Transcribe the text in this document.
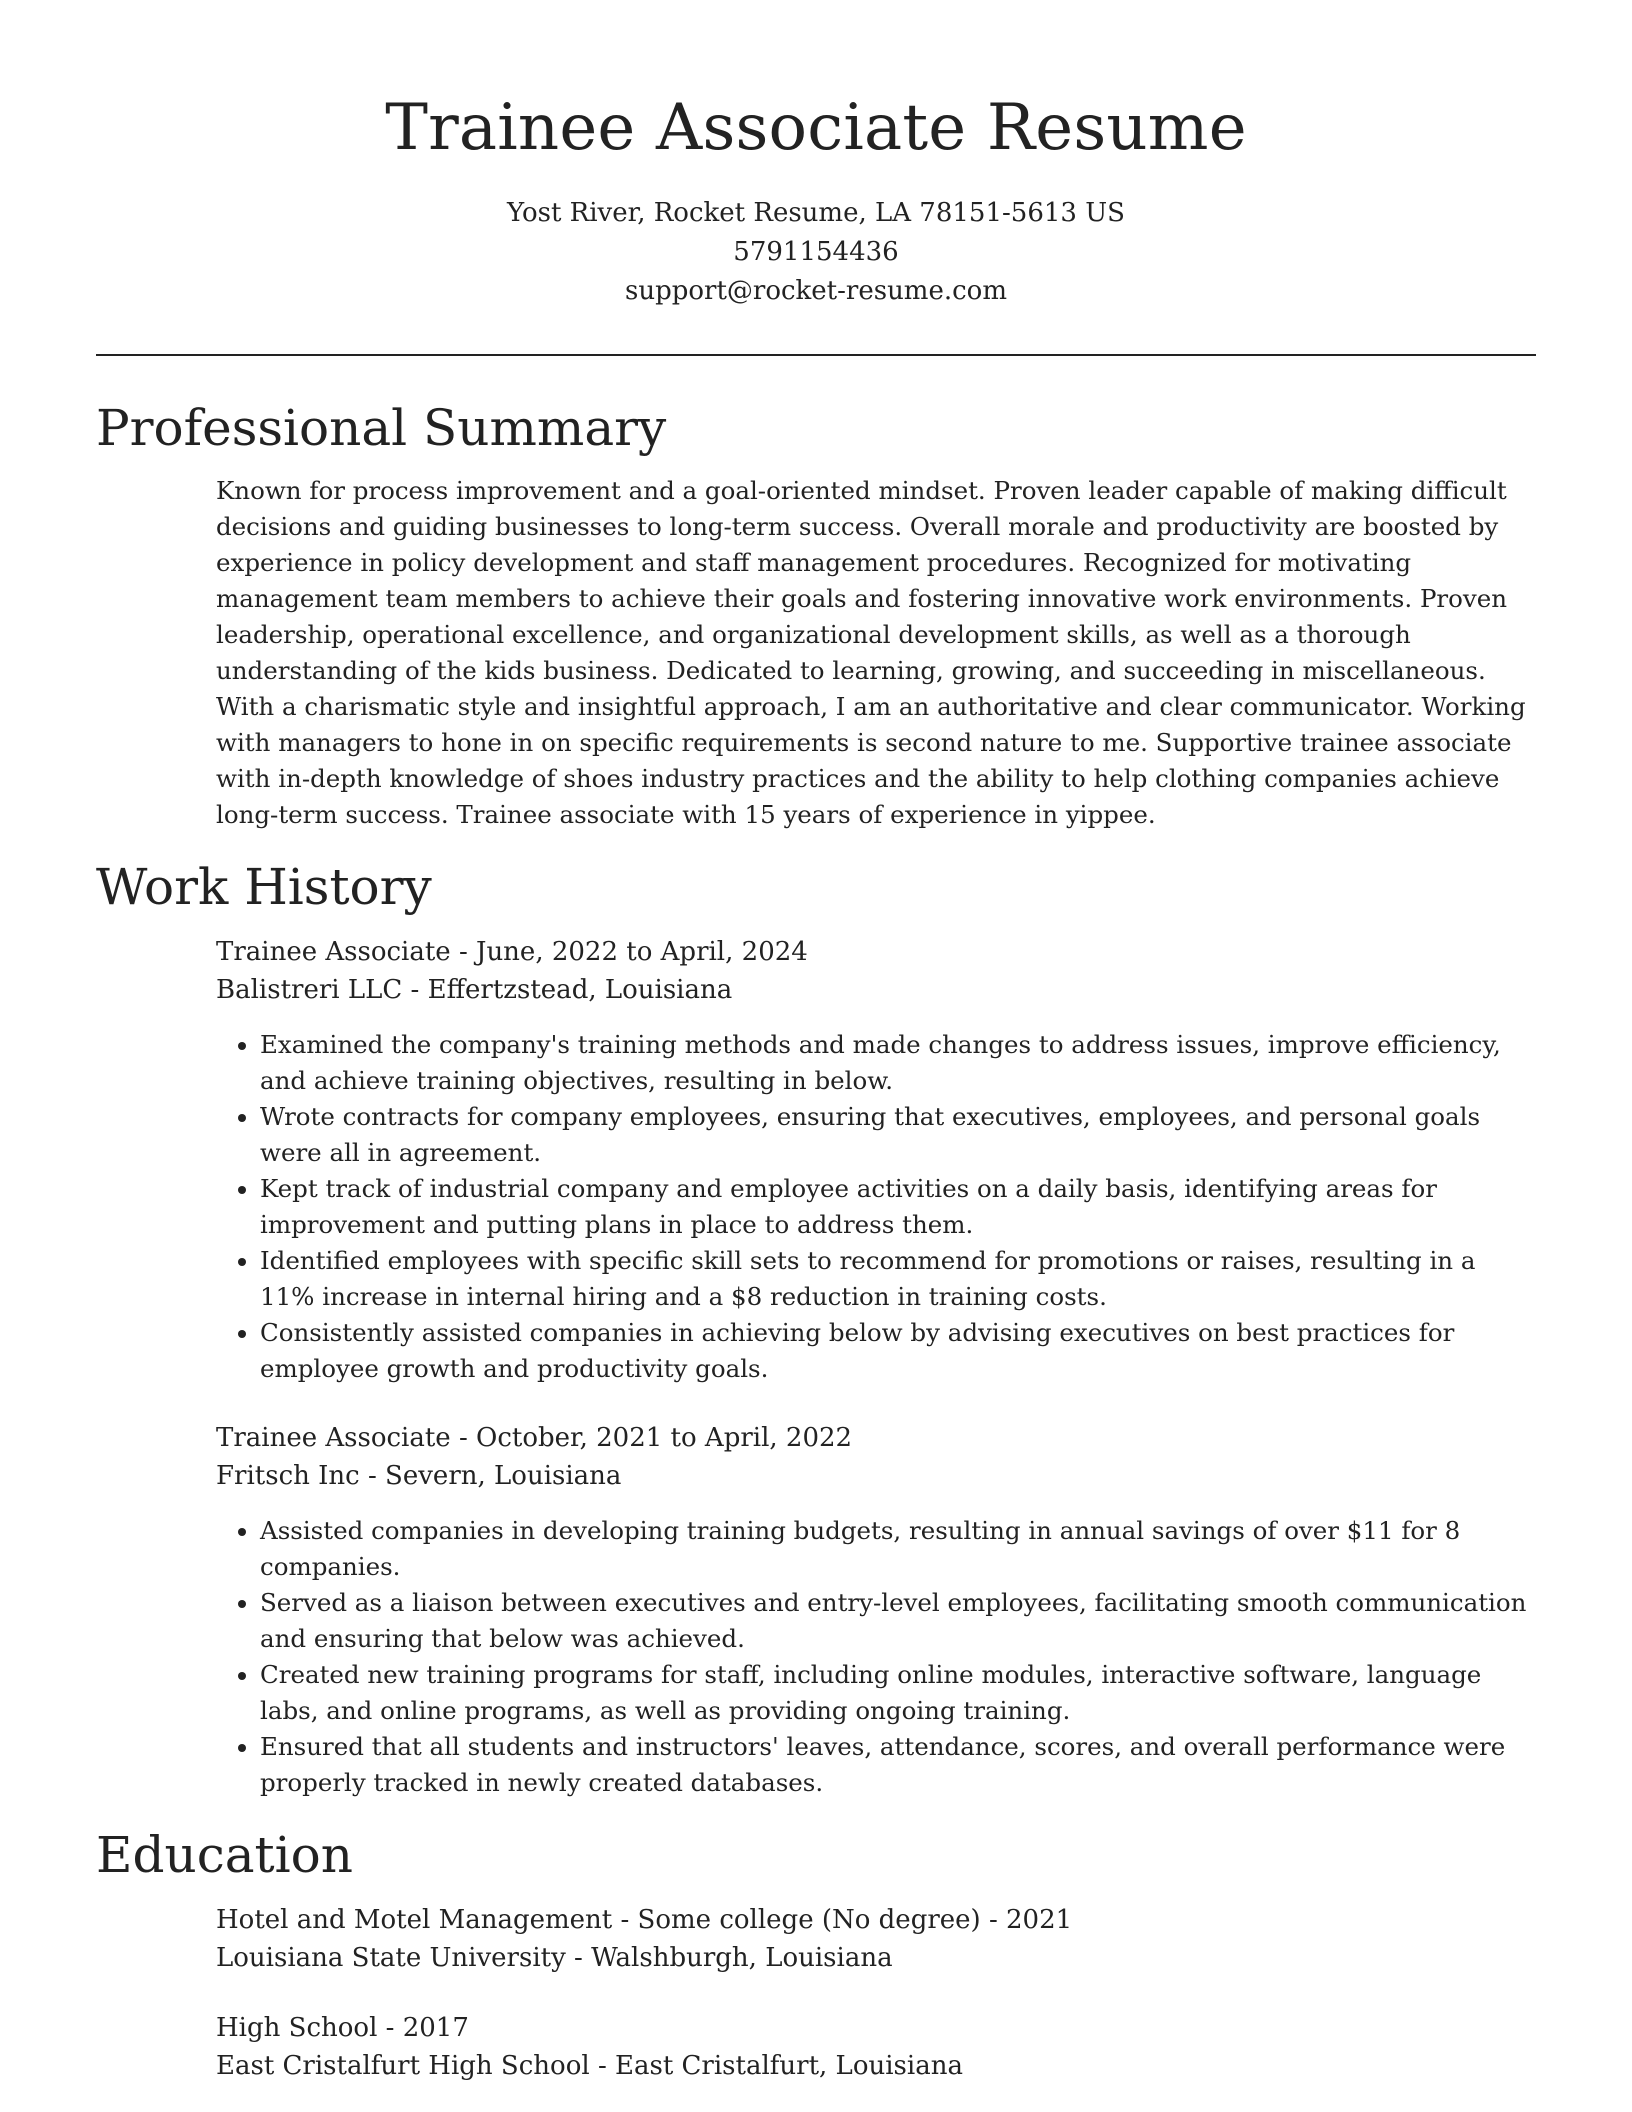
Trainee Associate Resume
Yost River, Rocket Resume, LA 78151-5613 US
5791154436
support@rocket-resume.com
Professional Summary

Known for process improvement and a goal-oriented mindset. Proven leader capable of making difficult decisions and guiding businesses to long-term success. Overall morale and productivity are boosted by experience in policy development and staff management procedures. Recognized for motivating management team members to achieve their goals and fostering innovative work environments. Proven leadership, operational excellence, and organizational development skills, as well as a thorough understanding of the kids business. Dedicated to learning, growing, and succeeding in miscellaneous. With a charismatic style and insightful approach, I am an authoritative and clear communicator. Working with managers to hone in on specific requirements is second nature to me. Supportive trainee associate with in-depth knowledge of shoes industry practices and the ability to help clothing companies achieve long-term success. Trainee associate with 15 years of experience in yippee.

Work History
Trainee Associate - June, 2022 to April, 2024
Balistreri LLC - Effertzstead, Louisiana
• Examined the company's training methods and made changes to address issues, improve efficiency, and achieve training objectives, resulting in below.
• Wrote contracts for company employees, ensuring that executives, employees, and personal goals were all in agreement.
• Kept track of industrial company and employee activities on a daily basis, identifying areas for improvement and putting plans in place to address them.
• Identified employees with specific skill sets to recommend for promotions or raises, resulting in a 11% increase in internal hiring and a $8 reduction in training costs.
• Consistently assisted companies in achieving below by advising executives on best practices for employee growth and productivity goals.
Trainee Associate - October, 2021 to April, 2022
Fritsch Inc - Severn, Louisiana
• Assisted companies in developing training budgets, resulting in annual savings of over $11 for 8 companies.
• Served as a liaison between executives and entry-level employees, facilitating smooth communication and ensuring that below was achieved.
• Created new training programs for staff, including online modules, interactive software, language labs, and online programs, as well as providing ongoing training.
• Ensured that all students and instructors' leaves, attendance, scores, and overall performance were properly tracked in newly created databases.
Education
Hotel and Motel Management - Some college (No degree) - 2021
Louisiana State University - Walshburgh, Louisiana
High School - 2017
East Cristalfurt High School - East Cristalfurt, Louisiana
